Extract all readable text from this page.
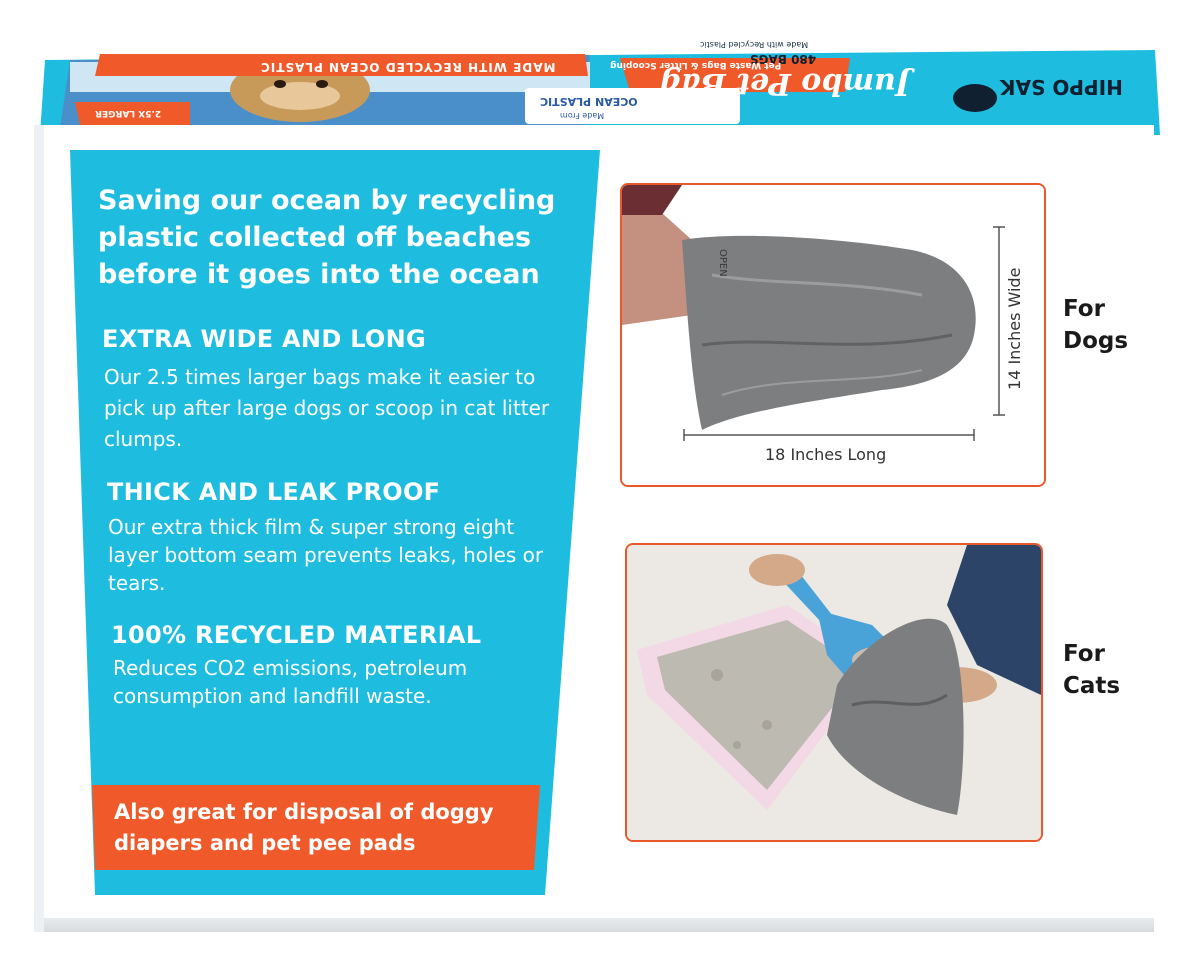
HIPPO SAK
Jumbo Pet Bag
480 BAGS
Pet Waste Bags & Litter Scooping
Made with Recycled Plastic
OCEAN PLASTIC
Made From
MADE WITH RECYCLED OCEAN PLASTIC
2.5X LARGER
Saving our ocean by recycling plastic collected off beaches before it goes into the ocean
EXTRA WIDE AND LONG
Our 2.5 times larger bags make it easier to pick up after large dogs or scoop in cat litter clumps.
THICK AND LEAK PROOF
Our extra thick film & super strong eight layer bottom seam prevents leaks, holes or tears.
100% RECYCLED MATERIAL
Reduces CO2 emissions, petroleum consumption and landfill waste.
Also great for disposal of doggy diapers and pet pee pads
OPEN
18 Inches Long
14 Inches Wide For
Dogs
For
Cats
